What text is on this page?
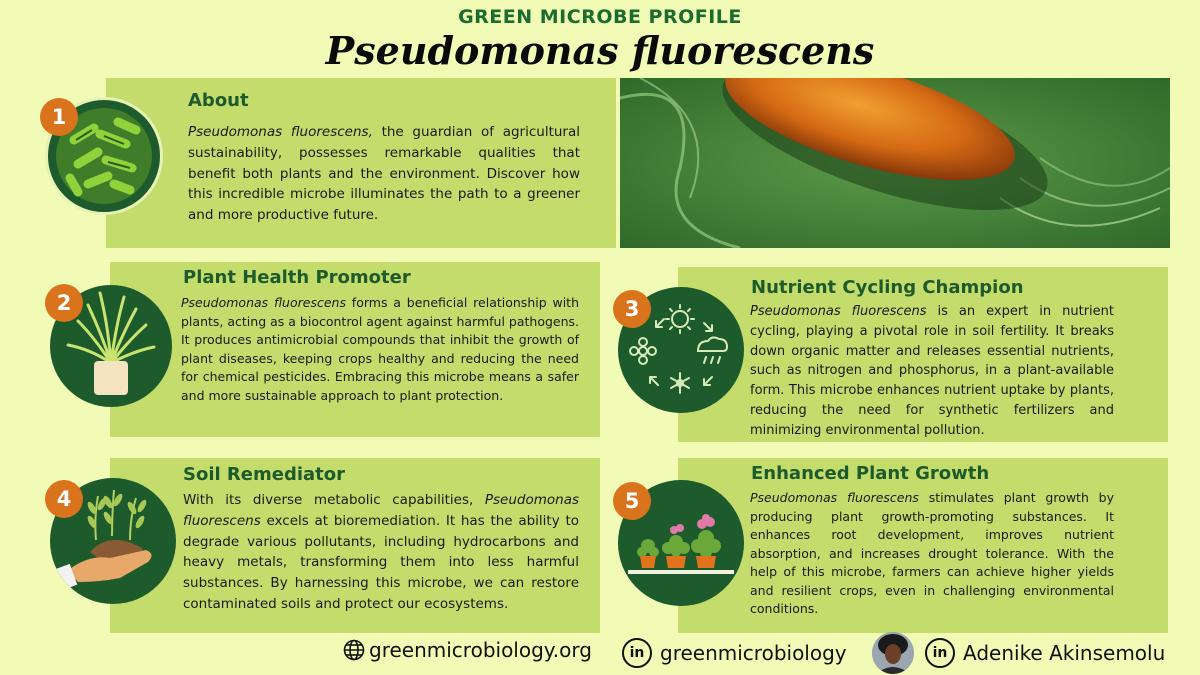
GREEN MICROBE PROFILE
Pseudomonas fluorescens
1
About
Pseudomonas fluorescens, the guardian of agricultural sustainability, possesses remarkable qualities that benefit both plants and the environment. Discover how this incredible microbe illuminates the path to a greener and more productive future.
2
Plant Health Promoter
Pseudomonas fluorescens forms a beneficial relationship with plants, acting as a biocontrol agent against harmful pathogens. It produces antimicrobial compounds that inhibit the growth of plant diseases, keeping crops healthy and reducing the need for chemical pesticides. Embracing this microbe means a safer and more sustainable approach to plant protection.
3
Nutrient Cycling Champion
Pseudomonas fluorescens is an expert in nutrient cycling, playing a pivotal role in soil fertility. It breaks down organic matter and releases essential nutrients, such as nitrogen and phosphorus, in a plant-available form. This microbe enhances nutrient uptake by plants, reducing the need for synthetic fertilizers and minimizing environmental pollution.
4
Soil Remediator
With its diverse metabolic capabilities, Pseudomonas fluorescens excels at bioremediation. It has the ability to degrade various pollutants, including hydrocarbons and heavy metals, transforming them into less harmful substances. By harnessing this microbe, we can restore contaminated soils and protect our ecosystems.
5
Enhanced Plant Growth
Pseudomonas fluorescens stimulates plant growth by producing plant growth-promoting substances. It enhances root development, improves nutrient absorption, and increases drought tolerance. With the help of this microbe, farmers can achieve higher yields and resilient crops, even in challenging environmental conditions.
greenmicrobiology.org	in greenmicrobiology	in Adenike Akinsemolu
